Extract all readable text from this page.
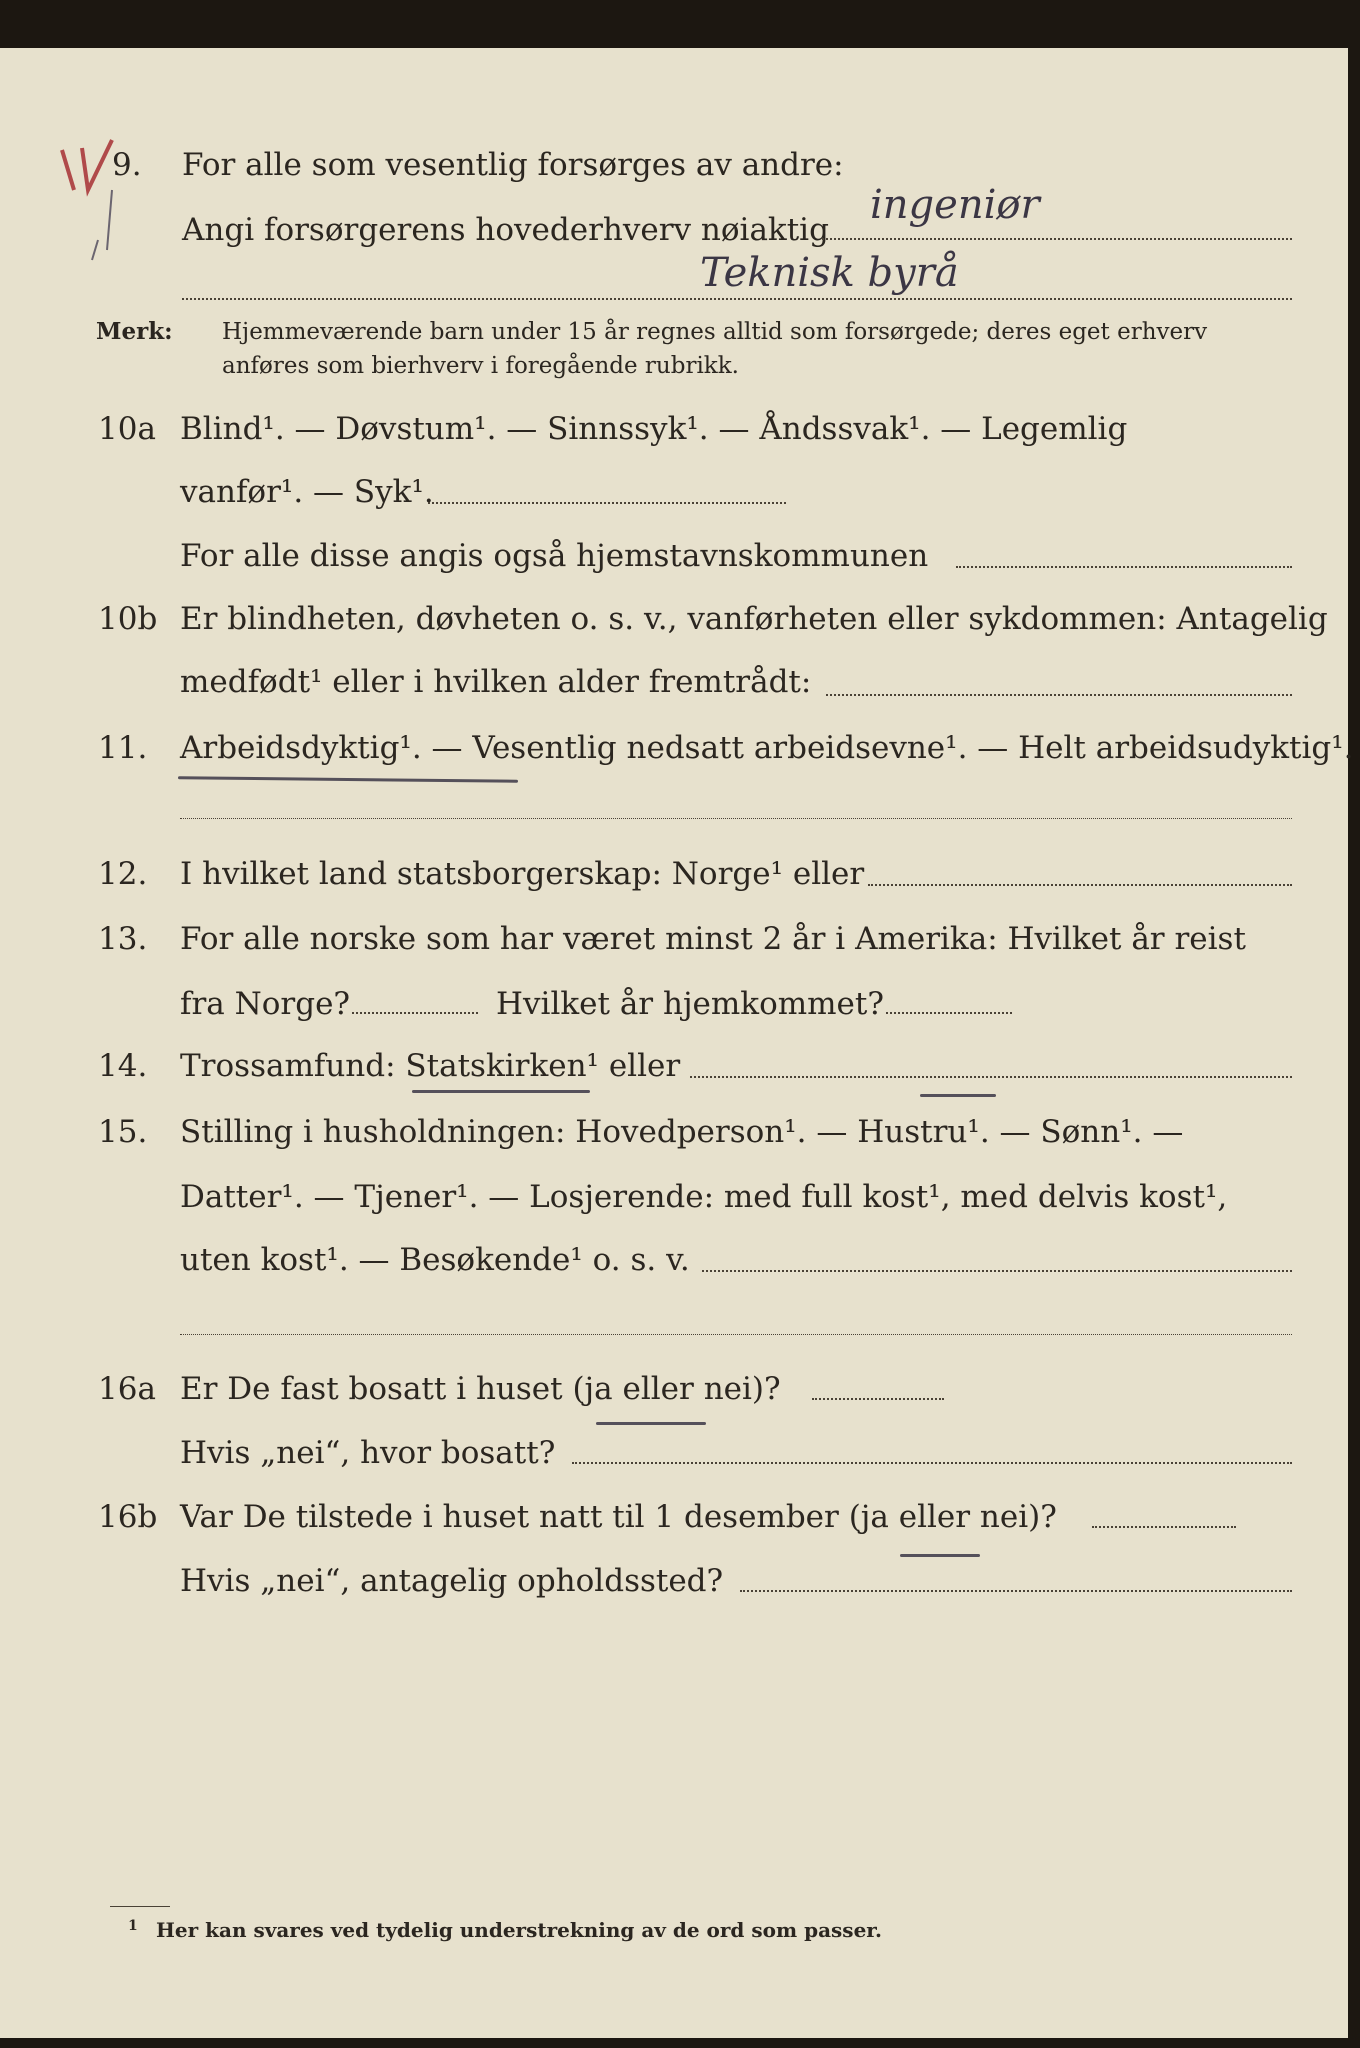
9. For alle som vesentlig forsørges av andre:
Angi forsørgerens hovederhverv nøiaktig
ingeniør
Teknisk byrå
Merk: Hjemmeværende barn under 15 år regnes alltid som forsørgede; deres eget erhverv
anføres som bierhverv i foregående rubrikk.
10a Blind¹. — Døvstum¹. — Sinnssyk¹. — Åndssvak¹. — Legemlig
vanfør¹. — Syk¹.
For alle disse angis også hjemstavnskommunen
10b Er blindheten, døvheten o. s. v., vanførheten eller sykdommen: Antagelig
medfødt¹ eller i hvilken alder fremtrådt:
11. Arbeidsdyktig¹. — Vesentlig nedsatt arbeidsevne¹. — Helt arbeidsudyktig¹.
12. I hvilket land statsborgerskap: Norge¹ eller
13. For alle norske som har været minst 2 år i Amerika: Hvilket år reist
fra Norge?	Hvilket år hjemkommet?
14. Trossamfund: Statskirken¹ eller
15. Stilling i husholdningen: Hovedperson¹. — Hustru¹. — Sønn¹. —
Datter¹. — Tjener¹. — Losjerende: med full kost¹, med delvis kost¹,
uten kost¹. — Besøkende¹ o. s. v.
16a Er De fast bosatt i huset (ja eller nei)?
Hvis „nei“, hvor bosatt?
16b Var De tilstede i huset natt til 1 desember (ja eller nei)?
Hvis „nei“, antagelig opholdssted?
1 Her kan svares ved tydelig understrekning av de ord som passer.
